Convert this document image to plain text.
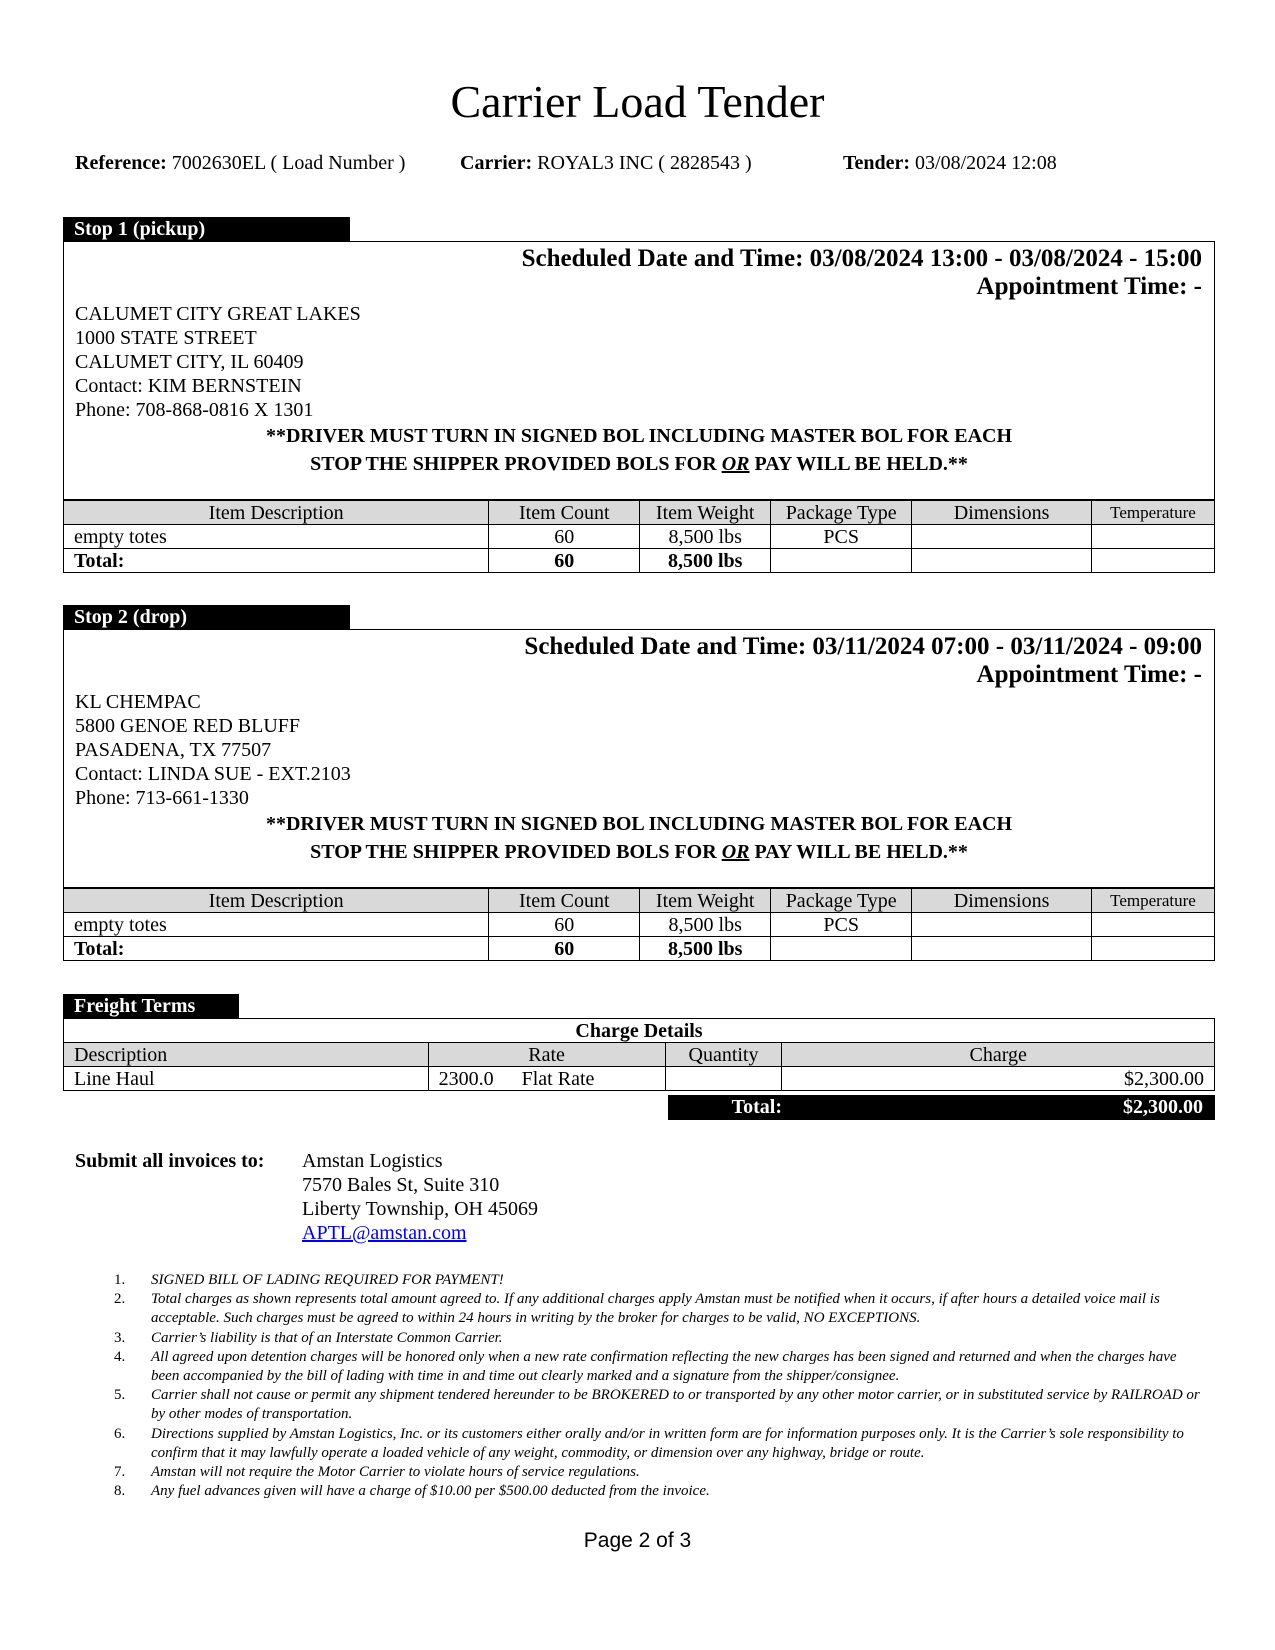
Carrier Load Tender
Reference: 7002630EL ( Load Number )	Carrier: ROYAL3 INC ( 2828543 )	Tender: 03/08/2024 12:08
Stop 1 (pickup)
Scheduled Date and Time: 03/08/2024 13:00 - 03/08/2024 - 15:00
Appointment Time: -
CALUMET CITY GREAT LAKES
1000 STATE STREET
CALUMET CITY, IL 60409
Contact: KIM BERNSTEIN
Phone: 708-868-0816 X 1301
**DRIVER MUST TURN IN SIGNED BOL INCLUDING MASTER BOL FOR EACH
STOP THE SHIPPER PROVIDED BOLS FOR OR PAY WILL BE HELD.**
Item Description	Item Count	Item Weight	Package Type	Dimensions	Temperature
empty totes	60	8,500 lbs	PCS		
Total:	60	8,500 lbs			
Stop 2 (drop)
Scheduled Date and Time: 03/11/2024 07:00 - 03/11/2024 - 09:00
Appointment Time: -
KL CHEMPAC
5800 GENOE RED BLUFF
PASADENA, TX 77507
Contact: LINDA SUE - EXT.2103
Phone: 713-661-1330
**DRIVER MUST TURN IN SIGNED BOL INCLUDING MASTER BOL FOR EACH
STOP THE SHIPPER PROVIDED BOLS FOR OR PAY WILL BE HELD.**
Item Description	Item Count	Item Weight	Package Type	Dimensions	Temperature
empty totes	60	8,500 lbs	PCS		
Total:	60	8,500 lbs			
Freight Terms
Charge Details			
Description	Rate	Quantity	Charge
Line Haul	2300.0 Flat Rate		$2,300.00
Total:	$2,300.00
Submit all invoices to: Amstan Logistics
7570 Bales St, Suite 310
Liberty Township, OH 45069
APTL@amstan.com
1. SIGNED BILL OF LADING REQUIRED FOR PAYMENT!
2. Total charges as shown represents total amount agreed to. If any additional charges apply Amstan must be notified when it occurs, if after hours a detailed voice mail is acceptable. Such charges must be agreed to within 24 hours in writing by the broker for charges to be valid, NO EXCEPTIONS.
3. Carrier’s liability is that of an Interstate Common Carrier.
4. All agreed upon detention charges will be honored only when a new rate confirmation reflecting the new charges has been signed and returned and when the charges have been accompanied by the bill of lading with time in and time out clearly marked and a signature from the shipper/consignee.
5. Carrier shall not cause or permit any shipment tendered hereunder to be BROKERED to or transported by any other motor carrier, or in substituted service by RAILROAD or by other modes of transportation.
6. Directions supplied by Amstan Logistics, Inc. or its customers either orally and/or in written form are for information purposes only. It is the Carrier’s sole responsibility to confirm that it may lawfully operate a loaded vehicle of any weight, commodity, or dimension over any highway, bridge or route.
7. Amstan will not require the Motor Carrier to violate hours of service regulations.
8. Any fuel advances given will have a charge of $10.00 per $500.00 deducted from the invoice.
Page 2 of 3
